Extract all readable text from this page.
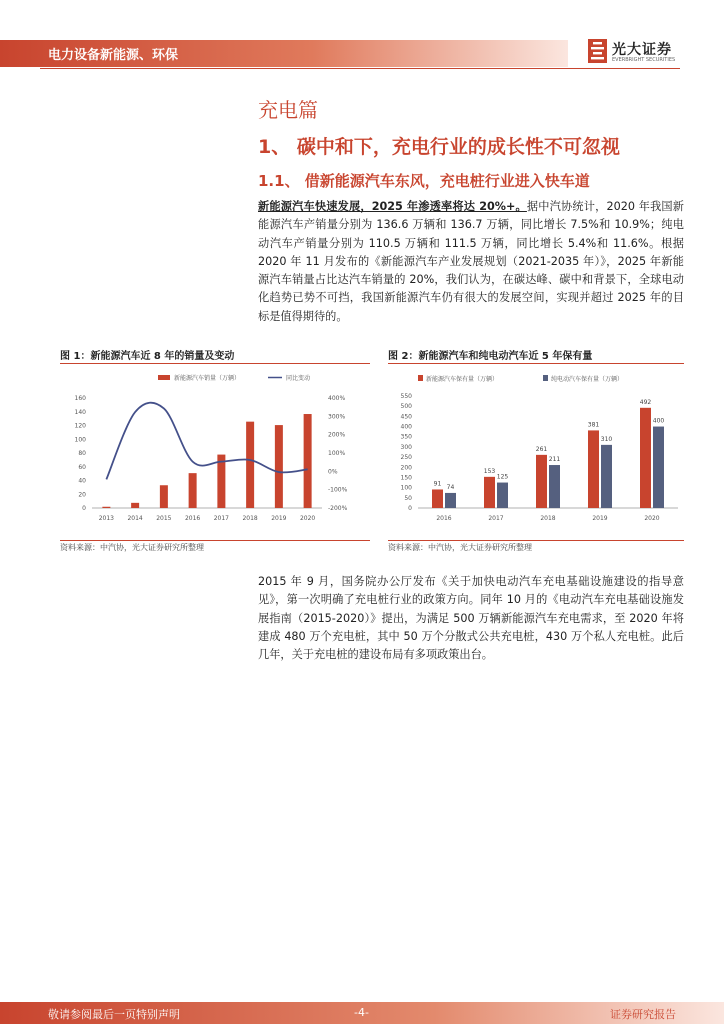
电力设备新能源、环保	光大证券
EVERBRIGHT SECURITIES
充电篇
1、 碳中和下，充电行业的成长性不可忽视
1.1、 借新能源汽车东风，充电桩行业进入快车道
新能源汽车快速发展，2025 年渗透率将达 20%+。据中汽协统计，2020 年我国新能源汽车产销量分别为 136.6 万辆和 136.7 万辆，同比增长 7.5%和 10.9%；纯电动汽车产销量分别为 110.5 万辆和 111.5 万辆，同比增长 5.4%和 11.6%。根据 2020 年 11 月发布的《新能源汽车产业发展规划（2021-2035 年）》，2025 年新能源汽车销量占比达汽车销量的 20%，我们认为，在碳达峰、碳中和背景下，全球电动化趋势已势不可挡，我国新能源汽车仍有很大的发展空间，实现并超过 2025 年的目标是值得期待的。
图 1：新能源汽车近 8 年的销量及变动
新能源汽车销量（万辆）	同比变动
0
20
40
60
80
100
120
140
160
-200%
-100%
0%
100%
200%
300%
400%
2013 2014 2015 2016 2017 2018 2019 2020
资料来源：中汽协，光大证券研究所整理
图 2：新能源汽车和纯电动汽车近 5 年保有量
新能源汽车保有量（万辆）	纯电动汽车保有量（万辆）
0
50
100
150
200
250
300
350
400
450
500
550
91 74
2016
153
125
2017
261
211
2018
381
310
2019
492
400
2020
资料来源：中汽协，光大证券研究所整理
2015 年 9 月，国务院办公厅发布《关于加快电动汽车充电基础设施建设的指导意见》，第一次明确了充电桩行业的政策方向。同年 10 月的《电动汽车充电基础设施发展指南（2015-2020）》提出，为满足 500 万辆新能源汽车充电需求，至 2020 年将建成 480 万个充电桩，其中 50 万个分散式公共充电桩，430 万个私人充电桩。此后几年，关于充电桩的建设布局有多项政策出台。
敬请参阅最后一页特别声明	-4-	证券研究报告
